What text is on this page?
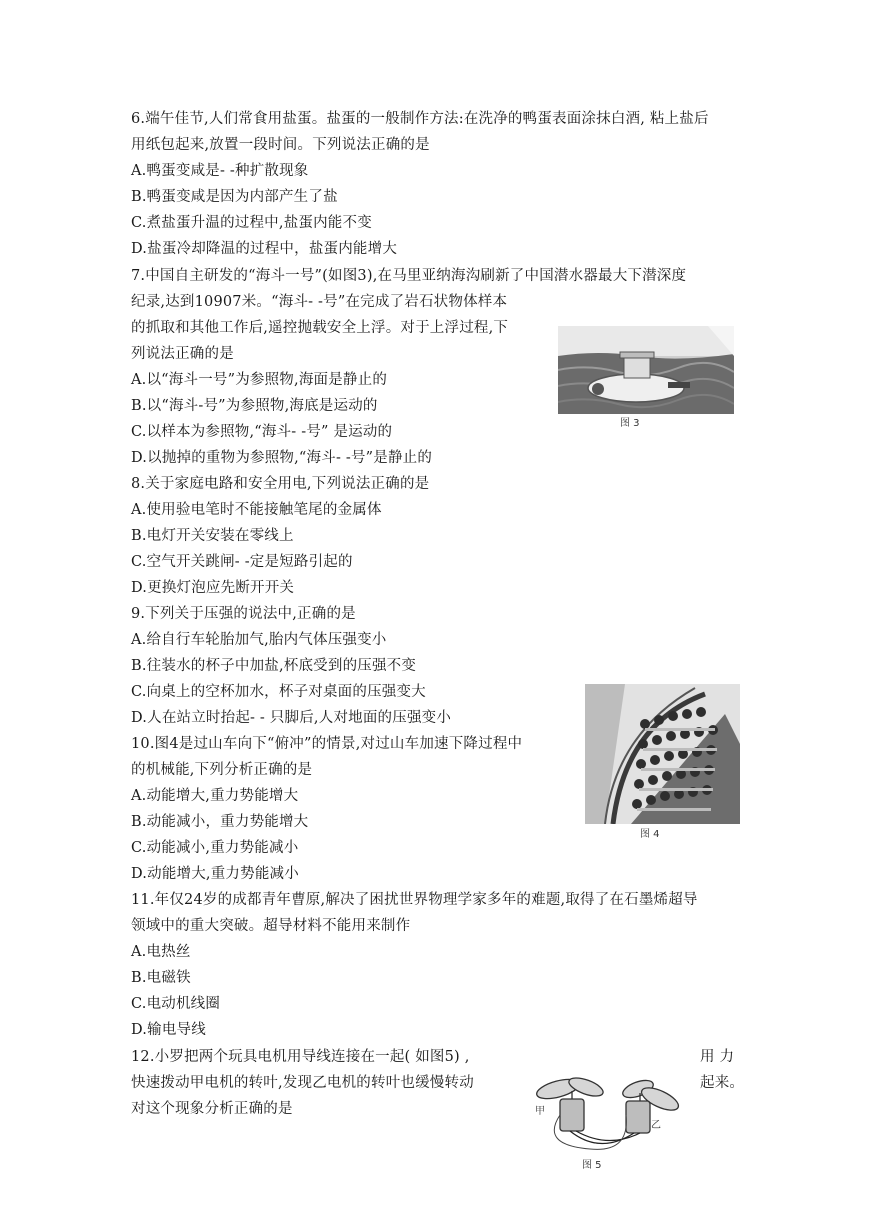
6.端午佳节,人们常食用盐蛋。盐蛋的一般制作方法:在洗净的鸭蛋表面涂抹白酒, 粘上盐后
用纸包起来,放置一段时间。下列说法正确的是
A.鸭蛋变咸是- -种扩散现象
B.鸭蛋变咸是因为内部产生了盐
C.煮盐蛋升温的过程中,盐蛋内能不变
D.盐蛋冷却降温的过程中，盐蛋内能增大
7.中国自主研发的“海斗一号”(如图3),在马里亚纳海沟刷新了中国潜水器最大下潜深度
纪录,达到10907米。“海斗- -号”在完成了岩石状物体样本
的抓取和其他工作后,遥控抛载安全上浮。对于上浮过程,下
列说法正确的是
A.以“海斗一号”为参照物,海面是静止的
B.以“海斗-号”为参照物,海底是运动的
C.以样本为参照物,“海斗- -号” 是运动的
D.以抛掉的重物为参照物,“海斗- -号”是静止的
图 3
8.关于家庭电路和安全用电,下列说法正确的是
A.使用验电笔时不能接触笔尾的金属体
B.电灯开关安装在零线上
C.空气开关跳闸- -定是短路引起的
D.更换灯泡应先断开开关
9.下列关于压强的说法中,正确的是
A.给自行车轮胎加气,胎内气体压强变小
B.往装水的杯子中加盐,杯底受到的压强不变
C.向桌上的空杯加水，杯子对桌面的压强变大
D.人在站立时抬起- - 只脚后,人对地面的压强变小
图 4
10.图4是过山车向下“俯冲”的情景,对过山车加速下降过程中
的机械能,下列分析正确的是
A.动能增大,重力势能增大
B.动能减小，重力势能增大
C.动能减小,重力势能减小
D.动能增大,重力势能减小
11.年仅24岁的成都青年曹原,解决了困扰世界物理学家多年的难题,取得了在石墨烯超导
领域中的重大突破。超导材料不能用来制作
A.电热丝
B.电磁铁
C.电动机线圈
D.输电导线
12.小罗把两个玩具电机用导线连接在一起( 如图5) ,	用 力
快速拨动甲电机的转叶,发现乙电机的转叶也缓慢转动	起来。
对这个现象分析正确的是	甲
乙
图 5
